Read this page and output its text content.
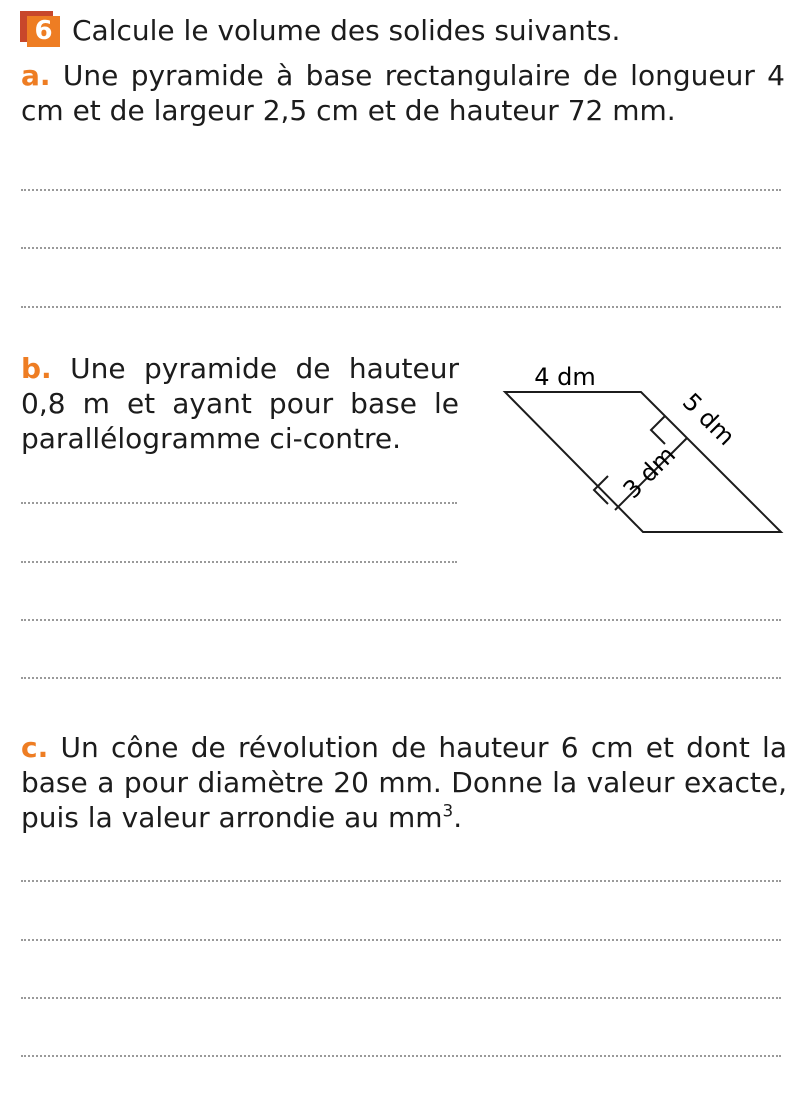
6 Calcule le volume des solides suivants.
a. Une pyramide à base rectangulaire de longueur 4 cm et de largeur 2,5 cm et de hauteur 72 mm.
b. Une pyramide de hauteur 0,8 m et ayant pour base le parallélogramme ci-contre.
4 dm
5 dm
3 dm
c. Un cône de révolution de hauteur 6 cm et dont la base a pour diamètre 20 mm. Donne la valeur exacte, puis la valeur arrondie au $mm^3$.
